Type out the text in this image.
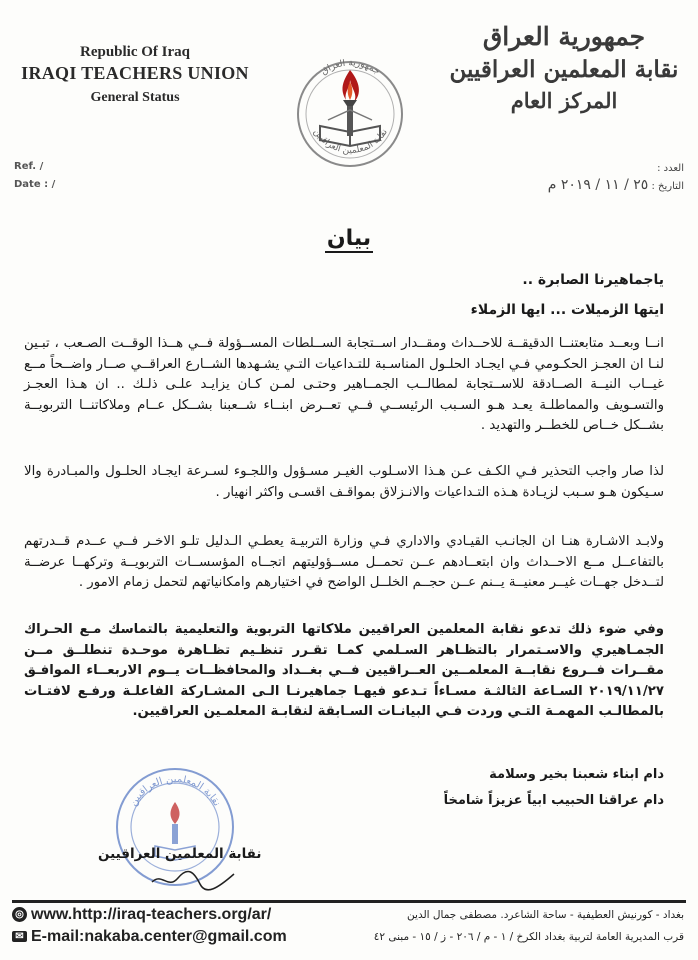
Republic Of Iraq
IRAQI TEACHERS UNION
General Status
جمهورية العراق
نقابة المعلمين العراقيين
جمهورية العراق
نقابة المعلمين العراقيين
المركز العام
Ref. /
Date : /
العدد :
التاريخ : ٢٥ / ١١ / ٢٠١٩ م
بيان
ياجماهيرنا الصابرة ..
ايتها الزميلات ... ايها الزملاء
انــا وبعــد متابعتنــا الدقيقــة للاحــداث ومقــدار اســتجابة الســلطات المســؤولة فــي هــذا الوقــت الصـعب ، تبـين لنـا ان العجـز الحكـومي فـي ايجـاد الحلـول المناسـبة للتـداعيات التـي يشـهدها الشــارع العراقــي صــار واضــحاً مــع غيــاب النيــة الصــادقة للاســتجابة لمطالــب الجمــاهير وحتـى لمـن كـان يزايـد علـى ذلـك .. ان هـذا العجـز والتسـويف والمماطلـة يعـد هـو السـبب الرئيســي فــي تعــرض ابنــاء شــعبنا بشــكل عــام وملاكاتنــا التربويــة بشــكل خــاص للخطــر والتهديد .
لذا صار واجب التحذير فـي الكـف عـن هـذا الاسـلوب الغيـر مسـؤول واللجـوء لسـرعة ايجـاد الحلـول والمبـادرة والا سـيكون هـو سـبب لزيـادة هـذه التـداعيات والانـزلاق بمواقـف اقسـى واكثر انهيار .
ولابـد الاشـارة هنـا ان الجانـب القيـادي والاداري فـي وزارة التربيـة يعطـي الـدليل تلـو الاخـر فــي عــدم قــدرتهم بالتفاعــل مــع الاحــداث وان ابتعــادهم عــن تحمــل مســؤوليتهم اتجــاه المؤسســات التربويــة وتركهــا عرضــة لتــدخل جهــات غيــر معنيــة يــنم عــن حجــم الخلــل الواضح في اختيارهم وامكانياتهم لتحمل زمام الامور .
وفي ضوء ذلك تدعو نقابة المعلمين العراقيين ملاكاتها التربوية والتعليمية بالتماسك مـع الحـراك الجمـاهيري والاسـتمرار بالتظـاهر السـلمي كمـا تقـرر تنظـيم تظـاهرة موحـدة تنطلــق مــن مقــرات فــروع نقابــة المعلمــين العــراقيين فــي بغــداد والمحافظــات يــوم الاربعــاء الموافـق ٢٠١٩/١١/٢٧ السـاعة الثالثـة مسـاءاً تـدعو فيهـا جماهيرنـا الـى المشـاركة الفاعلـة ورفـع لافتـات بالمطالـب المهمـة التـي وردت فـي البيانـات السـابقة لنقابـة المعلمـين العراقيين.
دام ابناء شعبنا بخير وسلامة
دام عراقنا الحبيب ابياً عزيزاً شامخاً
نقابة المعلمين العراقيين
نقابة المعلمين العراقيين
◎ www.http://iraq-teachers.org/ar/
✉ E-mail:nakaba.center@gmail.com
بغداد - كورنيش العطيفية - ساحة الشاعرد. مصطفى جمال الدين
قرب المديرية العامة لتربية بغداد الكرخ / ١ - م / ٢٠٦ - ز / ١٥ - مبنى ٤٢
